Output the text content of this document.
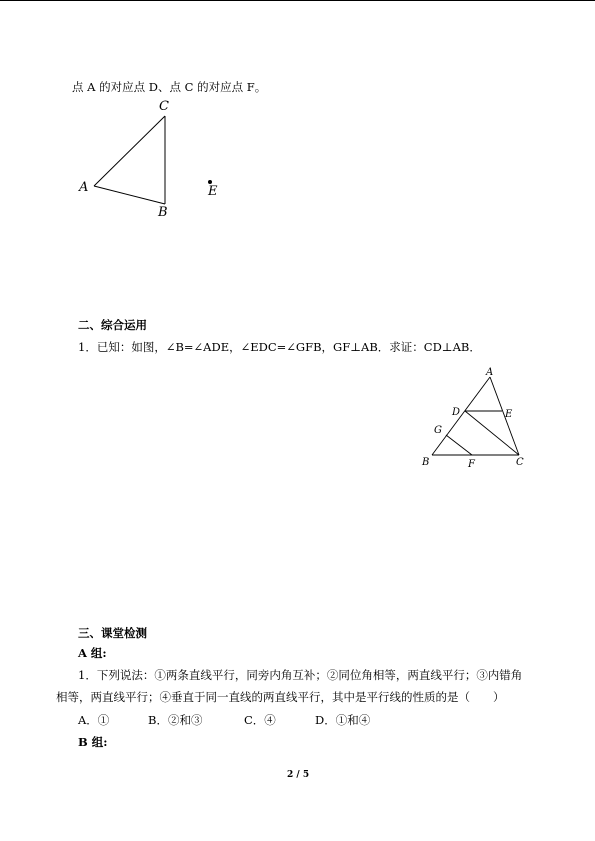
点 A 的对应点 D、点 C 的对应点 F。
C
A
B
E
二、综合运用
1．已知：如图，∠B=∠ADE，∠EDC=∠GFB，GF⊥AB．求证：CD⊥AB．
A
D	E
G
B	F	C
三、课堂检测
A 组:
1．下列说法：①两条直线平行，同旁内角互补；②同位角相等，两直线平行；③内错角
相等，两直线平行；④垂直于同一直线的两直线平行，其中是平行线的性质的是（　　）
A．①	B．②和③	C．④	D．①和④
B 组:
2 / 5
